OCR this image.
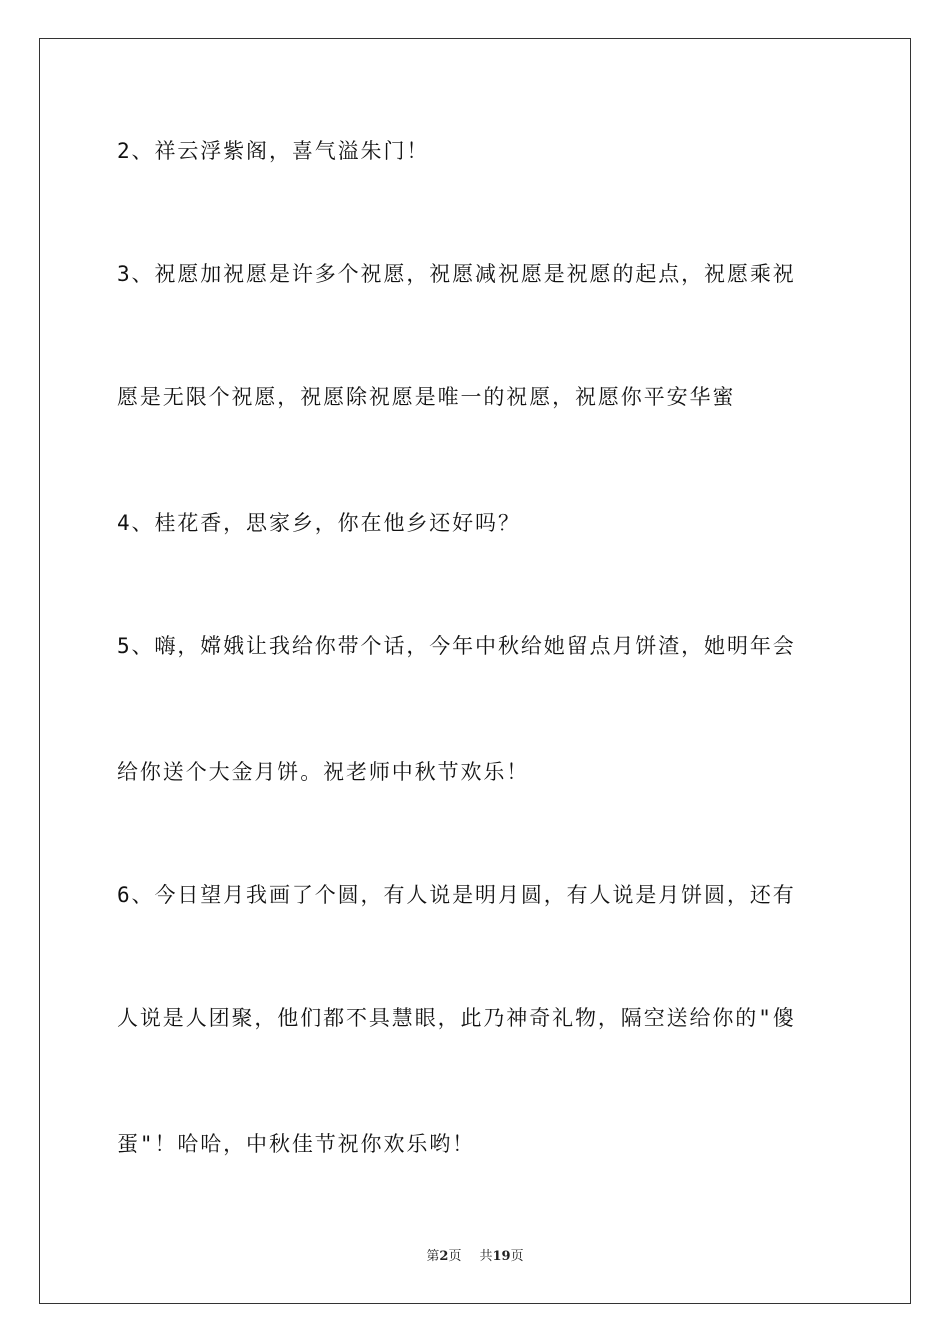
2、祥云浮紫阁，喜气溢朱门！
3、祝愿加祝愿是许多个祝愿，祝愿减祝愿是祝愿的起点，祝愿乘祝
愿是无限个祝愿，祝愿除祝愿是唯一的祝愿，祝愿你平安华蜜
4、桂花香，思家乡，你在他乡还好吗？
5、嗨，嫦娥让我给你带个话，今年中秋给她留点月饼渣，她明年会
给你送个大金月饼。祝老师中秋节欢乐！
6、今日望月我画了个圆，有人说是明月圆，有人说是月饼圆，还有
人说是人团聚，他们都不具慧眼，此乃神奇礼物，隔空送给你的"傻
蛋"！哈哈，中秋佳节祝你欢乐哟！
第2页 共19页
